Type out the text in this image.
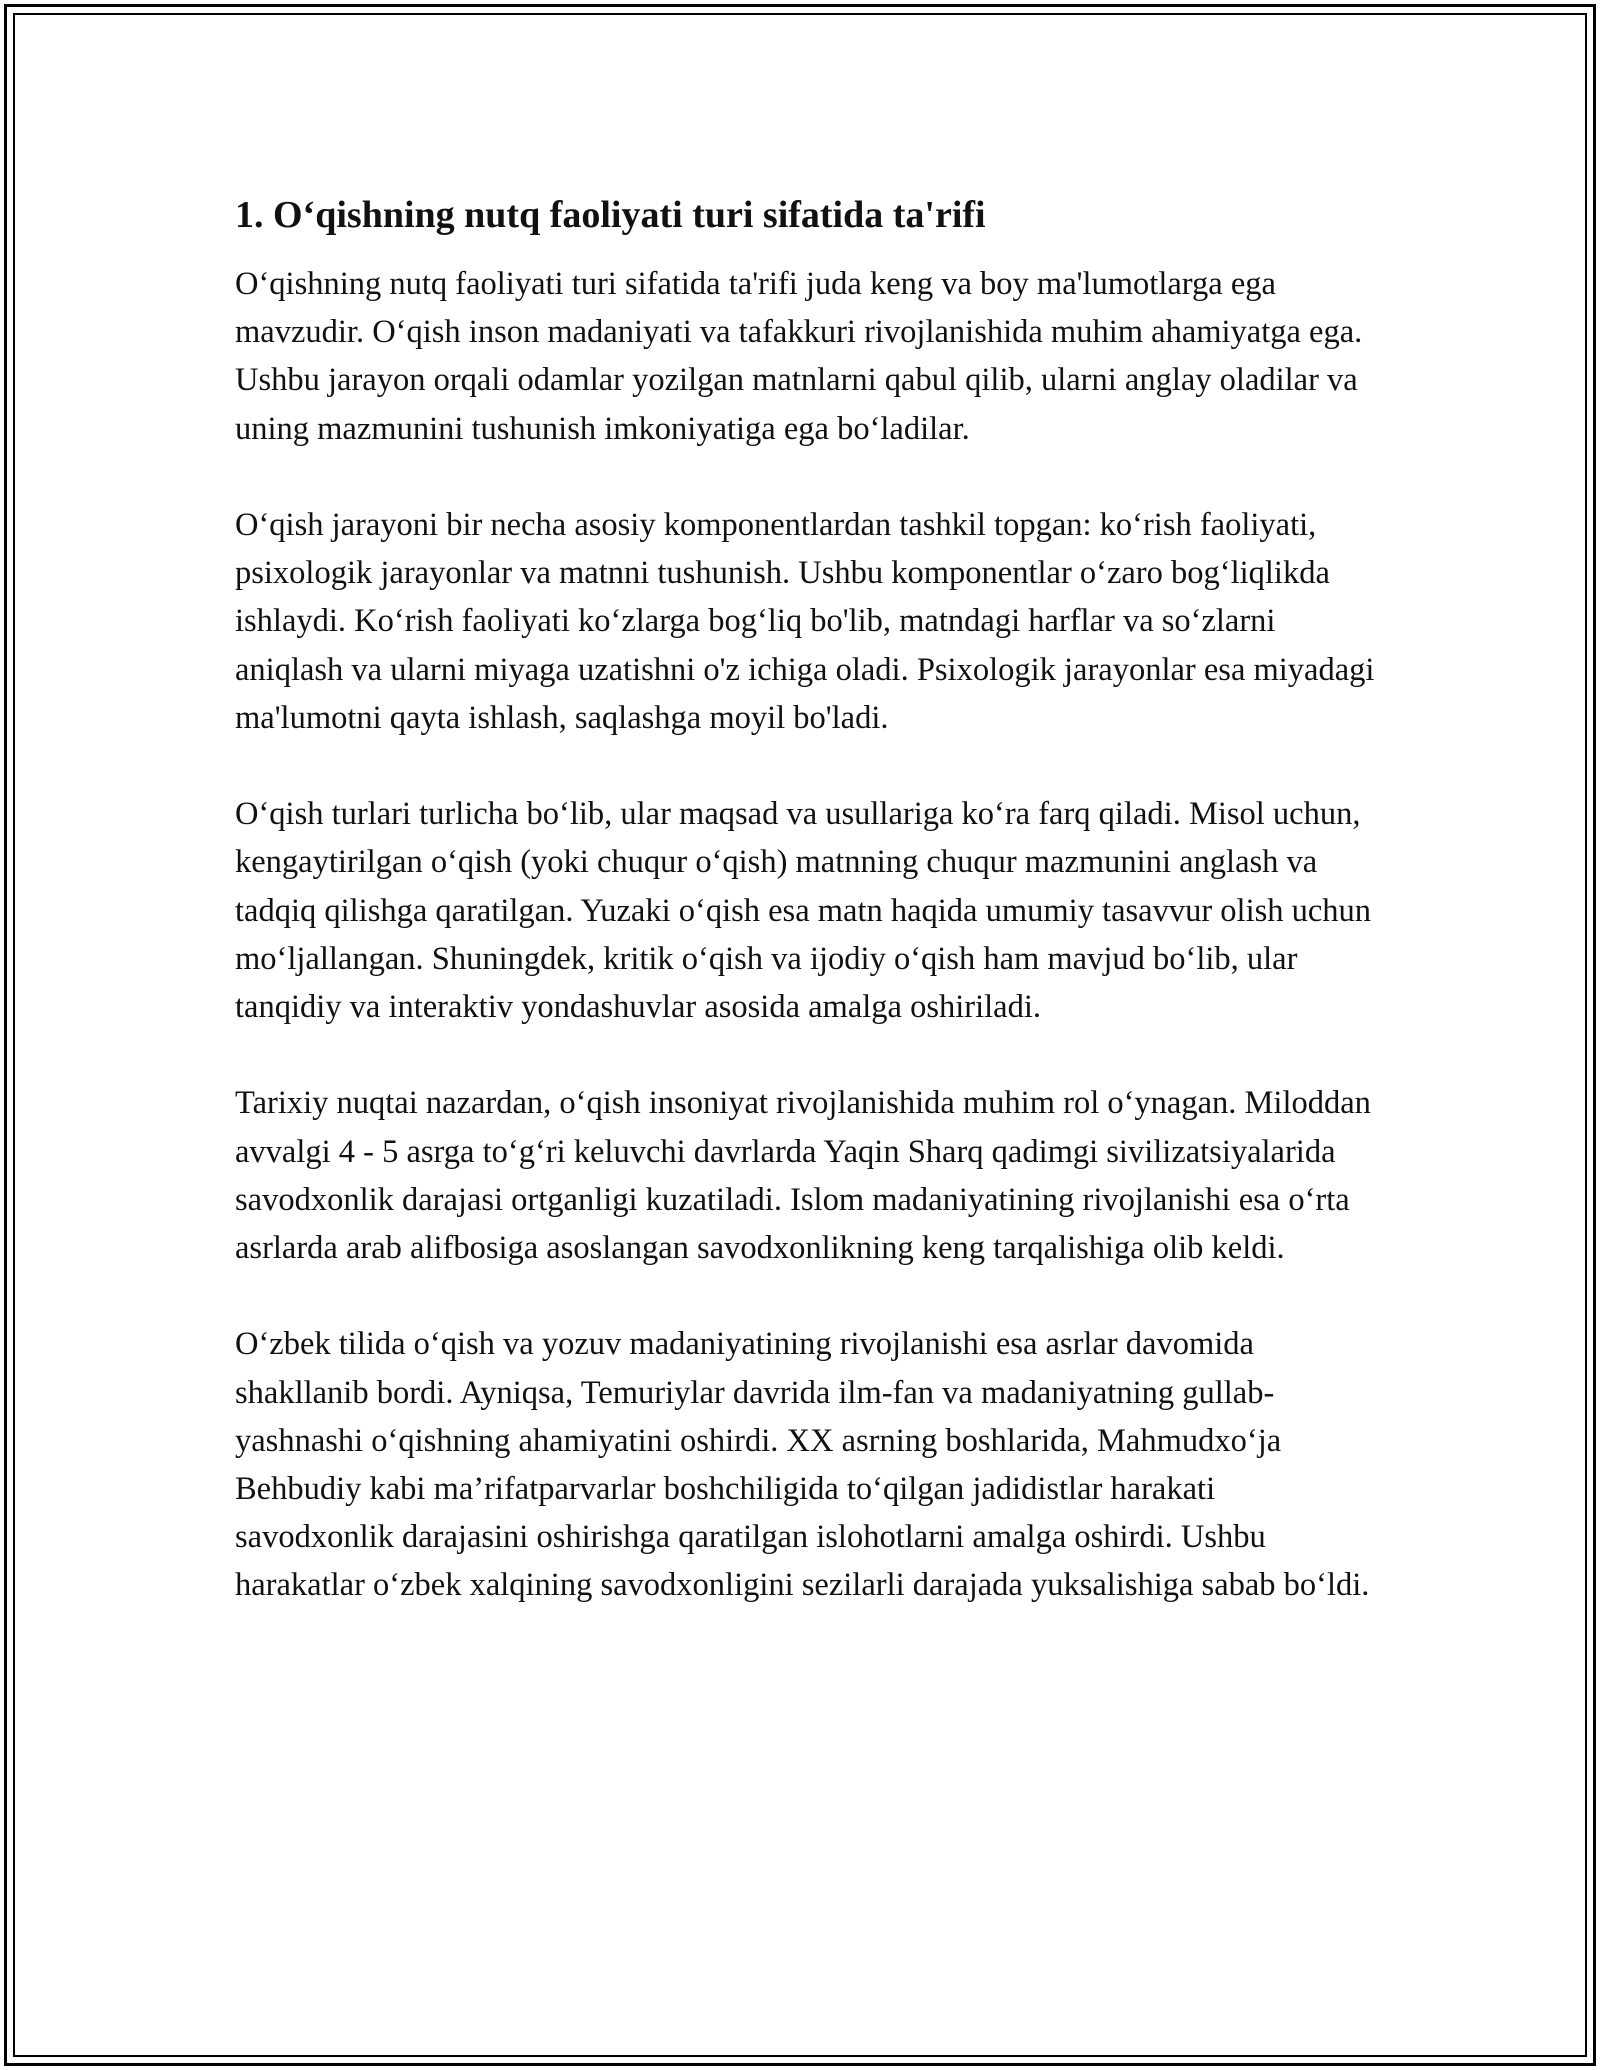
1. O‘qishning nutq faoliyati turi sifatida ta'rifi

O‘qishning nutq faoliyati turi sifatida ta'rifi juda keng va boy ma'lumotlarga ega mavzudir. O‘qish inson madaniyati va tafakkuri rivojlanishida muhim ahamiyatga ega. Ushbu jarayon orqali odamlar yozilgan matnlarni qabul qilib, ularni anglay oladilar va uning mazmunini tushunish imkoniyatiga ega bo‘ladilar.

O‘qish jarayoni bir necha asosiy komponentlardan tashkil topgan: ko‘rish faoliyati, psixologik jarayonlar va matnni tushunish. Ushbu komponentlar o‘zaro bog‘liqlikda ishlaydi. Ko‘rish faoliyati ko‘zlarga bog‘liq bo'lib, matndagi harflar va so‘zlarni aniqlash va ularni miyaga uzatishni o'z ichiga oladi. Psixologik jarayonlar esa miyadagi ma'lumotni qayta ishlash, saqlashga moyil bo'ladi.

O‘qish turlari turlicha bo‘lib, ular maqsad va usullariga ko‘ra farq qiladi. Misol uchun, kengaytirilgan o‘qish (yoki chuqur o‘qish) matnning chuqur mazmunini anglash va tadqiq qilishga qaratilgan. Yuzaki o‘qish esa matn haqida umumiy tasavvur olish uchun mo‘ljallangan. Shuningdek, kritik o‘qish va ijodiy o‘qish ham mavjud bo‘lib, ular tanqidiy va interaktiv yondashuvlar asosida amalga oshiriladi.

Tarixiy nuqtai nazardan, o‘qish insoniyat rivojlanishida muhim rol o‘ynagan. Miloddan avvalgi 4 - 5 asrga to‘g‘ri keluvchi davrlarda Yaqin Sharq qadimgi sivilizatsiyalarida savodxonlik darajasi ortganligi kuzatiladi. Islom madaniyatining rivojlanishi esa o‘rta asrlarda arab alifbosiga asoslangan savodxonlikning keng tarqalishiga olib keldi.

O‘zbek tilida o‘qish va yozuv madaniyatining rivojlanishi esa asrlar davomida shakllanib bordi. Ayniqsa, Temuriylar davrida ilm-fan va madaniyatning gullab-yashnashi o‘qishning ahamiyatini oshirdi. XX asrning boshlarida, Mahmudxo‘ja Behbudiy kabi ma’rifatparvarlar boshchiligida to‘qilgan jadidistlar harakati savodxonlik darajasini oshirishga qaratilgan islohotlarni amalga oshirdi. Ushbu harakatlar o‘zbek xalqining savodxonligini sezilarli darajada yuksalishiga sabab bo‘ldi.
